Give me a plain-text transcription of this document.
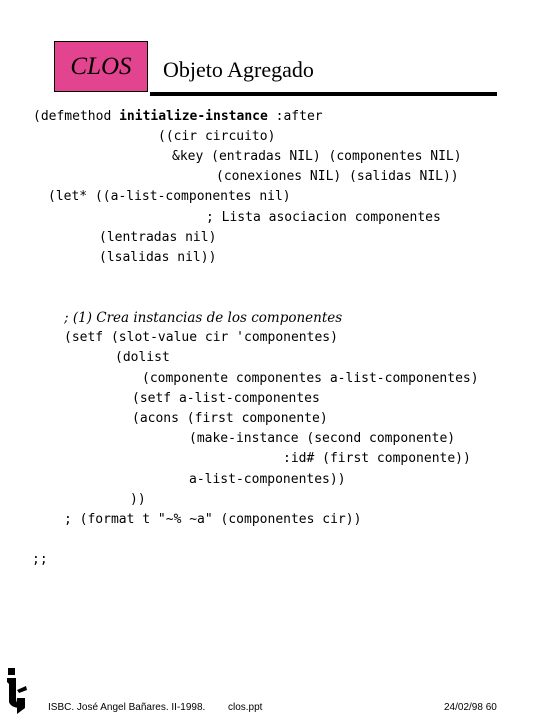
CLOS Objeto Agregado
(defmethod initialize-instance :after
((cir circuito)
&key (entradas NIL) (componentes NIL)
(conexiones NIL) (salidas NIL))
(let* ((a-list-componentes nil)
; Lista asociacion componentes
(lentradas nil)
(lsalidas nil))
; (1) Crea instancias de los componentes
(setf (slot-value cir 'componentes)
(dolist
(componente componentes a-list-componentes)
(setf a-list-componentes
(acons (first componente)
(make-instance (second componente)
:id# (first componente))
a-list-componentes))
))
; (format t "~% ~a" (componentes cir))
;;
ISBC. José Angel Bañares. II-1998. clos.ppt	24/02/98 60
